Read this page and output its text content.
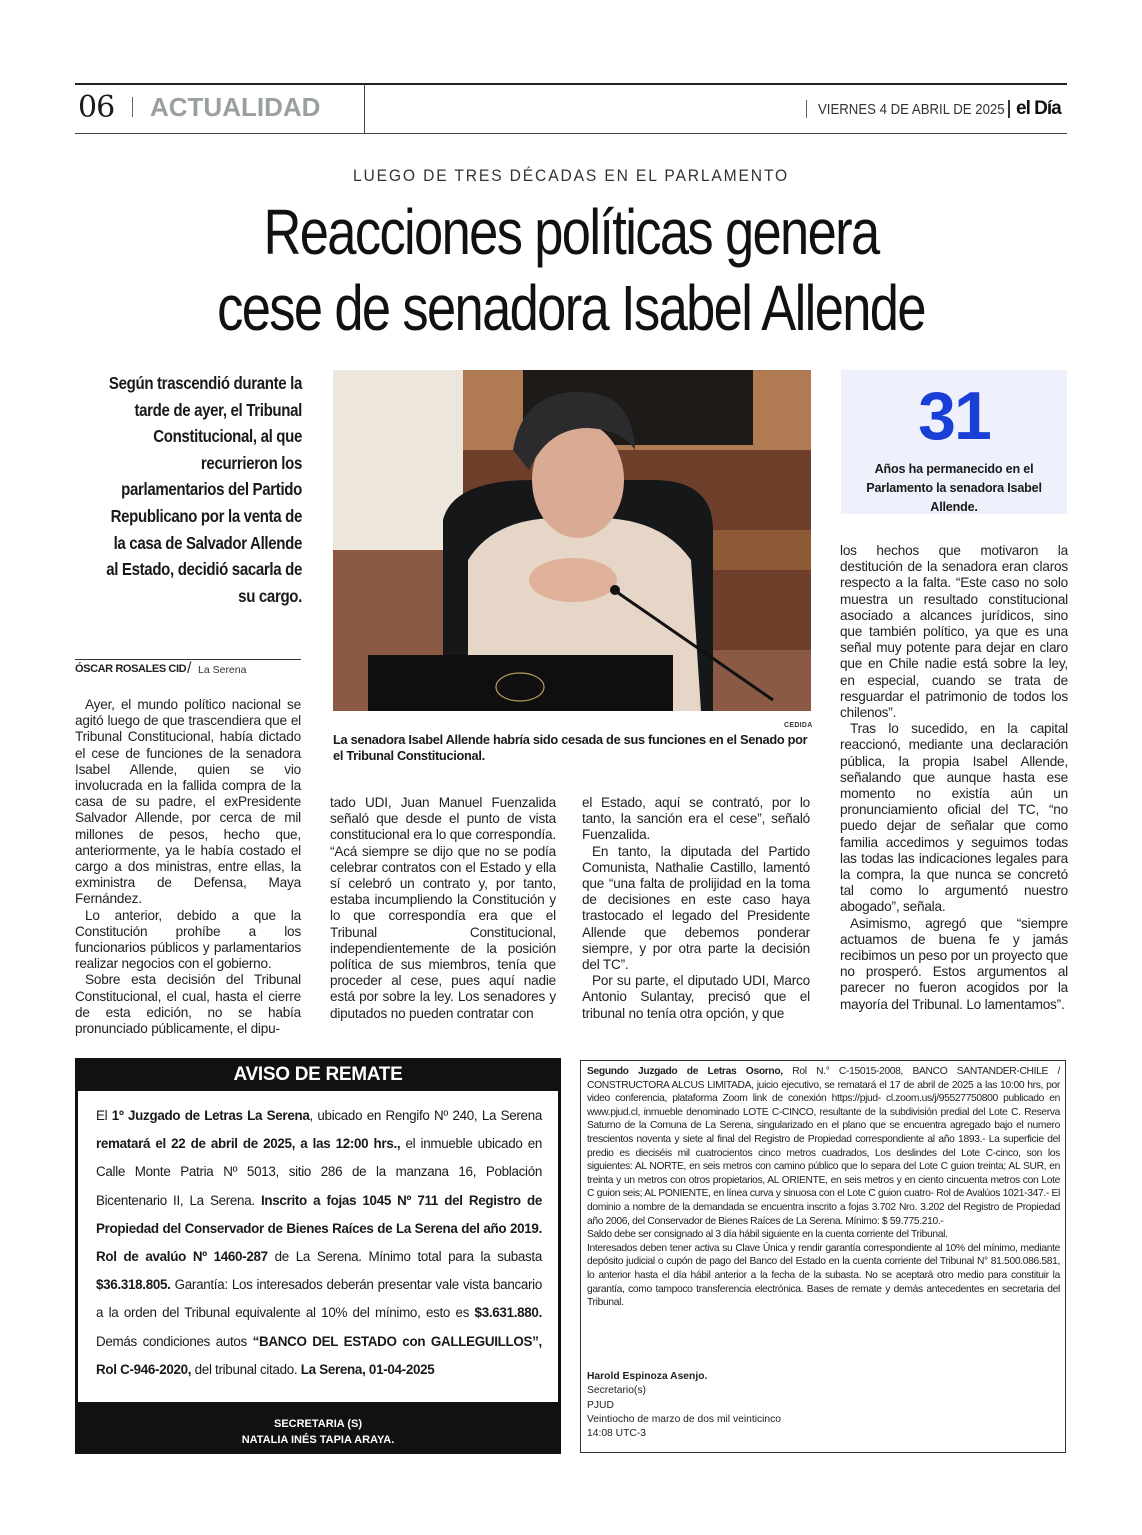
06 ACTUALIDAD	VIERNES 4 DE ABRIL DE 2025 el Día
LUEGO DE TRES DÉCADAS EN EL PARLAMENTO
Reacciones políticas genera
cese de senadora Isabel Allende
Según trascendió durante la tarde de ayer, el Tribunal Constitucional, al que recurrieron los parlamentarios del Partido Republicano por la venta de la casa de Salvador Allende al Estado, decidió sacarla de su cargo.
ÓSCAR ROSALES CID / La Serena

Ayer, el mundo político nacional se agitó luego de que trascendiera que el Tribunal Constitucional, había dictado el cese de funciones de la senadora Isabel Allende, quien se vio involucrada en la fallida compra de la casa de su padre, el exPresidente Salvador Allende, por cerca de mil millones de pesos, hecho que, anteriormente, ya le había costado el cargo a dos ministras, entre ellas, la exministra de Defensa, Maya Fernández.

Lo anterior, debido a que la Constitución prohíbe a los funcionarios públicos y parlamentarios realizar negocios con el gobierno.

Sobre esta decisión del Tribunal Constitucional, el cual, hasta el cierre de esta edición, no se había pronunciado públicamente, el dipu-

tado UDI, Juan Manuel Fuenzalida señaló que desde el punto de vista constitucional era lo que correspondía. “Acá siempre se dijo que no se podía celebrar contratos con el Estado y ella sí celebró un contrato y, por tanto, estaba incumpliendo la Constitución y lo que correspondía era que el Tribunal Constitucional, independientemente de la posición política de sus miembros, tenía que proceder al cese, pues aquí nadie está por sobre la ley. Los senadores y diputados no pueden contratar con

el Estado, aquí se contrató, por lo tanto, la sanción era el cese”, señaló Fuenzalida.

En tanto, la diputada del Partido Comunista, Nathalie Castillo, lamentó que “una falta de prolijidad en la toma de decisiones en este caso haya trastocado el legado del Presidente Allende que debemos ponderar siempre, y por otra parte la decisión del TC”.

Por su parte, el diputado UDI, Marco Antonio Sulantay, precisó que el tribunal no tenía otra opción, y que

los hechos que motivaron la destitución de la senadora eran claros respecto a la falta. “Este caso no solo muestra un resultado constitucional asociado a alcances jurídicos, sino que también político, ya que es una señal muy potente para dejar en claro que en Chile nadie está sobre la ley, en especial, cuando se trata de resguardar el patrimonio de todos los chilenos”.

Tras lo sucedido, en la capital reaccionó, mediante una declaración pública, la propia Isabel Allende, señalando que aunque hasta ese momento no existía aún un pronunciamiento oficial del TC, “no puedo dejar de señalar que como familia accedimos y seguimos todas las todas las indicaciones legales para la compra, la que nunca se concretó tal como lo argumentó nuestro abogado”, señala.

Asimismo, agregó que “siempre actuamos de buena fe y jamás recibimos un peso por un proyecto que no prosperó. Estos argumentos al parecer no fueron acogidos por la mayoría del Tribunal. Lo lamentamos”.

CEDIDA
La senadora Isabel Allende habría sido cesada de sus funciones en el Senado por el Tribunal Constitucional.
31
Años ha permanecido en el Parlamento la senadora Isabel Allende.
AVISO DE REMATE
El 1º Juzgado de Letras La Serena, ubicado en Rengifo Nº 240, La Serena rematará el 22 de abril de 2025, a las 12:00 hrs., el inmueble ubicado en Calle Monte Patria Nº 5013, sitio 286 de la manzana 16, Población Bicentenario II, La Serena. Inscrito a fojas 1045 Nº 711 del Registro de Propiedad del Conservador de Bienes Raíces de La Serena del año 2019. Rol de avalúo Nº 1460-287 de La Serena. Mínimo total para la subasta $36.318.805. Garantía: Los interesados deberán presentar vale vista bancario a la orden del Tribunal equivalente al 10% del mínimo, esto es $3.631.880. Demás condiciones autos “BANCO DEL ESTADO con GALLEGUILLOS”, Rol C-946-2020, del tribunal citado. La Serena, 01-04-2025
SECRETARIA (S)
NATALIA INÉS TAPIA ARAYA.

Segundo Juzgado de Letras Osorno, Rol N.° C-15015-2008, BANCO SANTANDER-CHILE / CONSTRUCTORA ALCUS LIMITADA, juicio ejecutivo, se rematará el 17 de abril de 2025 a las 10:00 hrs, por video conferencia, plataforma Zoom link de conexión https://pjud- cl.zoom.us/j/95527750800 publicado en www.pjud.cl, inmueble denominado LOTE C-CINCO, resultante de la subdivisión predial del Lote C. Reserva Saturno de la Comuna de La Serena, singularizado en el plano que se encuentra agregado bajo el numero trescientos noventa y siete al final del Registro de Propiedad correspondiente al año 1893.- La superficie del predio es dieciséis mil cuatrocientos cinco metros cuadrados, Los deslindes del Lote C-cinco, son los siguientes: AL NORTE, en seis metros con camino público que lo separa del Lote C guion treinta; AL SUR, en treinta y un metros con otros propietarios, AL ORIENTE, en seis metros y en ciento cincuenta metros con Lote C guion seis; AL PONIENTE, en línea curva y sinuosa con el Lote C guion cuatro- Rol de Avalúos 1021-347.- El dominio a nombre de la demandada se encuentra inscrito a fojas 3.702 Nro. 3.202 del Registro de Propiedad año 2006, del Conservador de Bienes Raíces de La Serena. Mínimo: $ 59.775.210.-

Saldo debe ser consignado al 3 día hábil siguiente en la cuenta corriente del Tribunal.

Interesados deben tener activa su Clave Única y rendir garantía correspondiente al 10% del mínimo, mediante depósito judicial o cupón de pago del Banco del Estado en la cuenta corriente del Tribunal N° 81.500.086.581, lo anterior hasta el día hábil anterior a la fecha de la subasta. No se aceptará otro medio para constituir la garantía, como tampoco transferencia electrónica. Bases de remate y demás antecedentes en secretaria del Tribunal.

Harold Espinoza Asenjo.
Secretario(s)
PJUD
Veintiocho de marzo de dos mil veinticinco
14:08 UTC-3
